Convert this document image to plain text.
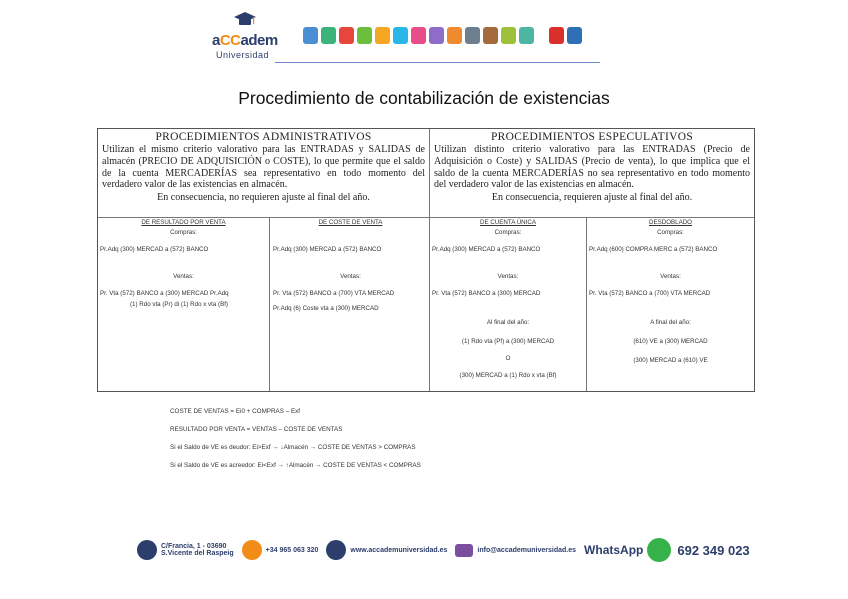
aCCadem
Universidad
Procedimiento de contabilización de existencias
PROCEDIMIENTOS ADMINISTRATIVOS

Utilizan el mismo criterio valorativo para las ENTRADAS y SALIDAS de almacén (PRECIO DE ADQUISICIÓN o COSTE), lo que permite que el saldo de la cuenta MERCADERÍAS sea representativo en todo momento del verdadero valor de las existencias en almacén.

En consecuencia, no requieren ajuste al final del año.
PROCEDIMIENTOS ESPECULATIVOS

Utilizan distinto criterio valorativo para las ENTRADAS (Precio de Adquisición o Coste) y SALIDAS (Precio de venta), lo que implica que el saldo de la cuenta MERCADERÍAS no sea representativo en todo momento del verdadero valor de las existencias en almacén.

En consecuencia, requieren ajuste al final del año.
DE RESULTADO POR VENTA
Compras:
Pr.Adq (300) MERCAD a (572) BANCO
Ventas:
Pr. Vta (572) BANCO a (300) MERCAD Pr.Adq
(1) Rdo vta (Pr) di (1) Rdo x vta (Bf)
DE COSTE DE VENTA

Pr.Adq (300) MERCAD a (572) BANCO
Ventas:
Pr. Vta (572) BANCO a (700) VTA MERCAD
Pr.Adq (6) Coste vta a (300) MERCAD
DE CUENTA ÚNICA
Compras:
Pr.Adq (300) MERCAD a (572) BANCO
Ventas:
Pr. Vta (572) BANCO a (300) MERCAD
Al final del año:
(1) Rdo vta (Pf) a (300) MERCAD
O
(300) MERCAD a (1) Rdo x vta (Bf)
DESDOBLADO
Compras:
Pr.Adq (600) COMPRA MERC a (572) BANCO
Ventas:
Pr. Vta (572) BANCO a (700) VTA MERCAD
A final del año:
(610) VE a (300) MERCAD
(300) MERCAD a (610) VE
COSTE DE VENTAS = Ei0 + COMPRAS – Exf
RESULTADO POR VENTA = VENTAS – COSTE DE VENTAS
Si el Saldo de VE es deudor: Ei>Exf → ↓Almacén → COSTE DE VENTAS > COMPRAS
Si el Saldo de VE es acreedor: Ei<Exf → ↑Almacén → COSTE DE VENTAS < COMPRAS
C/Francia, 1 - 03690
S.Vicente del Raspeig	+34 965 063 320	www.accademuniversidad.es	info@accademuniversidad.es WhatsApp	692 349 023
